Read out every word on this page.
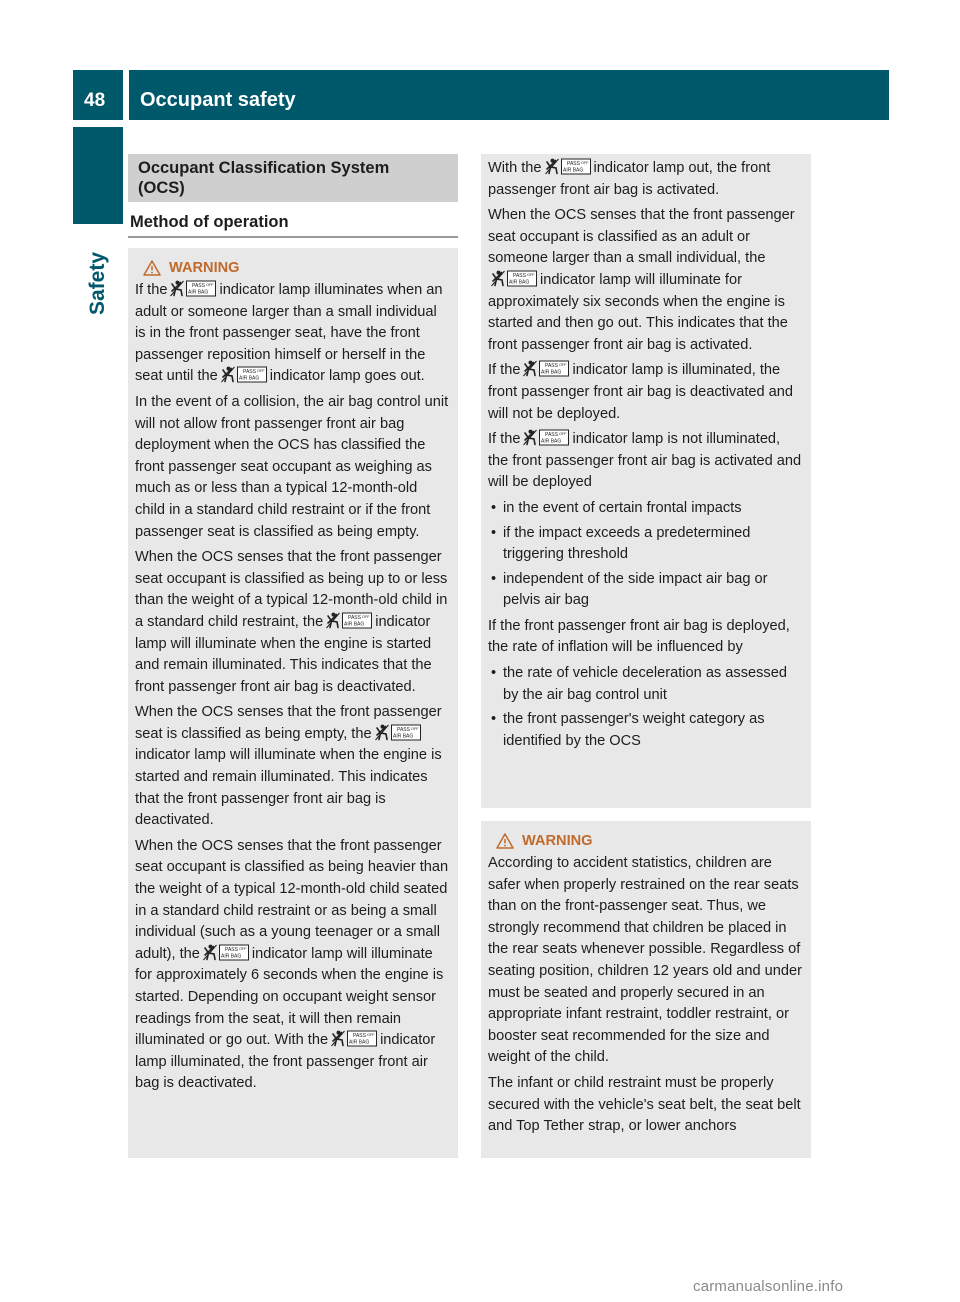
48 Occupant safety
Safety
Occupant Classification System
(OCS)
Method of operation
WARNING

If the	PASS
AIR BAG
OFF indicator lamp illuminates when an adult or someone larger than a small individual is in the front passenger seat, have the front passenger reposition himself or herself in the seat until the	PASS
AIR BAG
OFF indicator lamp goes out.

In the event of a collision, the air bag control unit will not allow front passenger front air bag deployment when the OCS has classified the front passenger seat occupant as weighing as much as or less than a typical 12-month-old child in a standard child restraint or if the front passenger seat is classified as being empty.

When the OCS senses that the front passenger seat occupant is classified as being up to or less than the weight of a typical 12-month-old child in a standard child restraint, the	PASS
AIR BAG
OFF indicator lamp will illuminate when the engine is started and remain illuminated. This indicates that the front passenger front air bag is deactivated.

When the OCS senses that the front passenger seat is classified as being empty, the	PASS
AIR BAG
OFF
indicator lamp will illuminate when the engine is started and remain illuminated. This indicates that the front passenger front air bag is deactivated.

When the OCS senses that the front passenger seat occupant is classified as being heavier than the weight of a typical 12-month-old child seated in a standard child restraint or as being a small individual (such as a young teenager or a small adult), the	PASS
AIR BAG
OFF indicator lamp will illuminate for approximately 6 seconds when the engine is started. Depending on occupant weight sensor readings from the seat, it will then remain illuminated or go out. With the	PASS
AIR BAG
OFF indicator lamp illuminated, the front passenger front air bag is deactivated.

With the	PASS
AIR BAG
OFF indicator lamp out, the front passenger front air bag is activated.

When the OCS senses that the front passenger seat occupant is classified as an adult or someone larger than a small individual, the
PASS
AIR BAG
OFF indicator lamp will illuminate for approximately six seconds when the engine is started and then go out. This indicates that the front passenger front air bag is activated.

If the	PASS
AIR BAG
OFF indicator lamp is illuminated, the front passenger front air bag is deactivated and will not be deployed.

If the	PASS
AIR BAG
OFF indicator lamp is not illuminated, the front passenger front air bag is activated and will be deployed

• in the event of certain frontal impacts
• if the impact exceeds a predetermined triggering threshold
• independent of the side impact air bag or pelvis air bag

If the front passenger front air bag is deployed, the rate of inflation will be influenced by

• the rate of vehicle deceleration as assessed by the air bag control unit
• the front passenger's weight category as identified by the OCS
WARNING

According to accident statistics, children are safer when properly restrained on the rear seats than on the front-passenger seat. Thus, we strongly recommend that children be placed in the rear seats whenever possible. Regardless of seating position, children 12 years old and under must be seated and properly secured in an appropriate infant restraint, toddler restraint, or booster seat recommended for the size and weight of the child.

The infant or child restraint must be properly secured with the vehicle's seat belt, the seat belt and Top Tether strap, or lower anchors

carmanualsonline.info
